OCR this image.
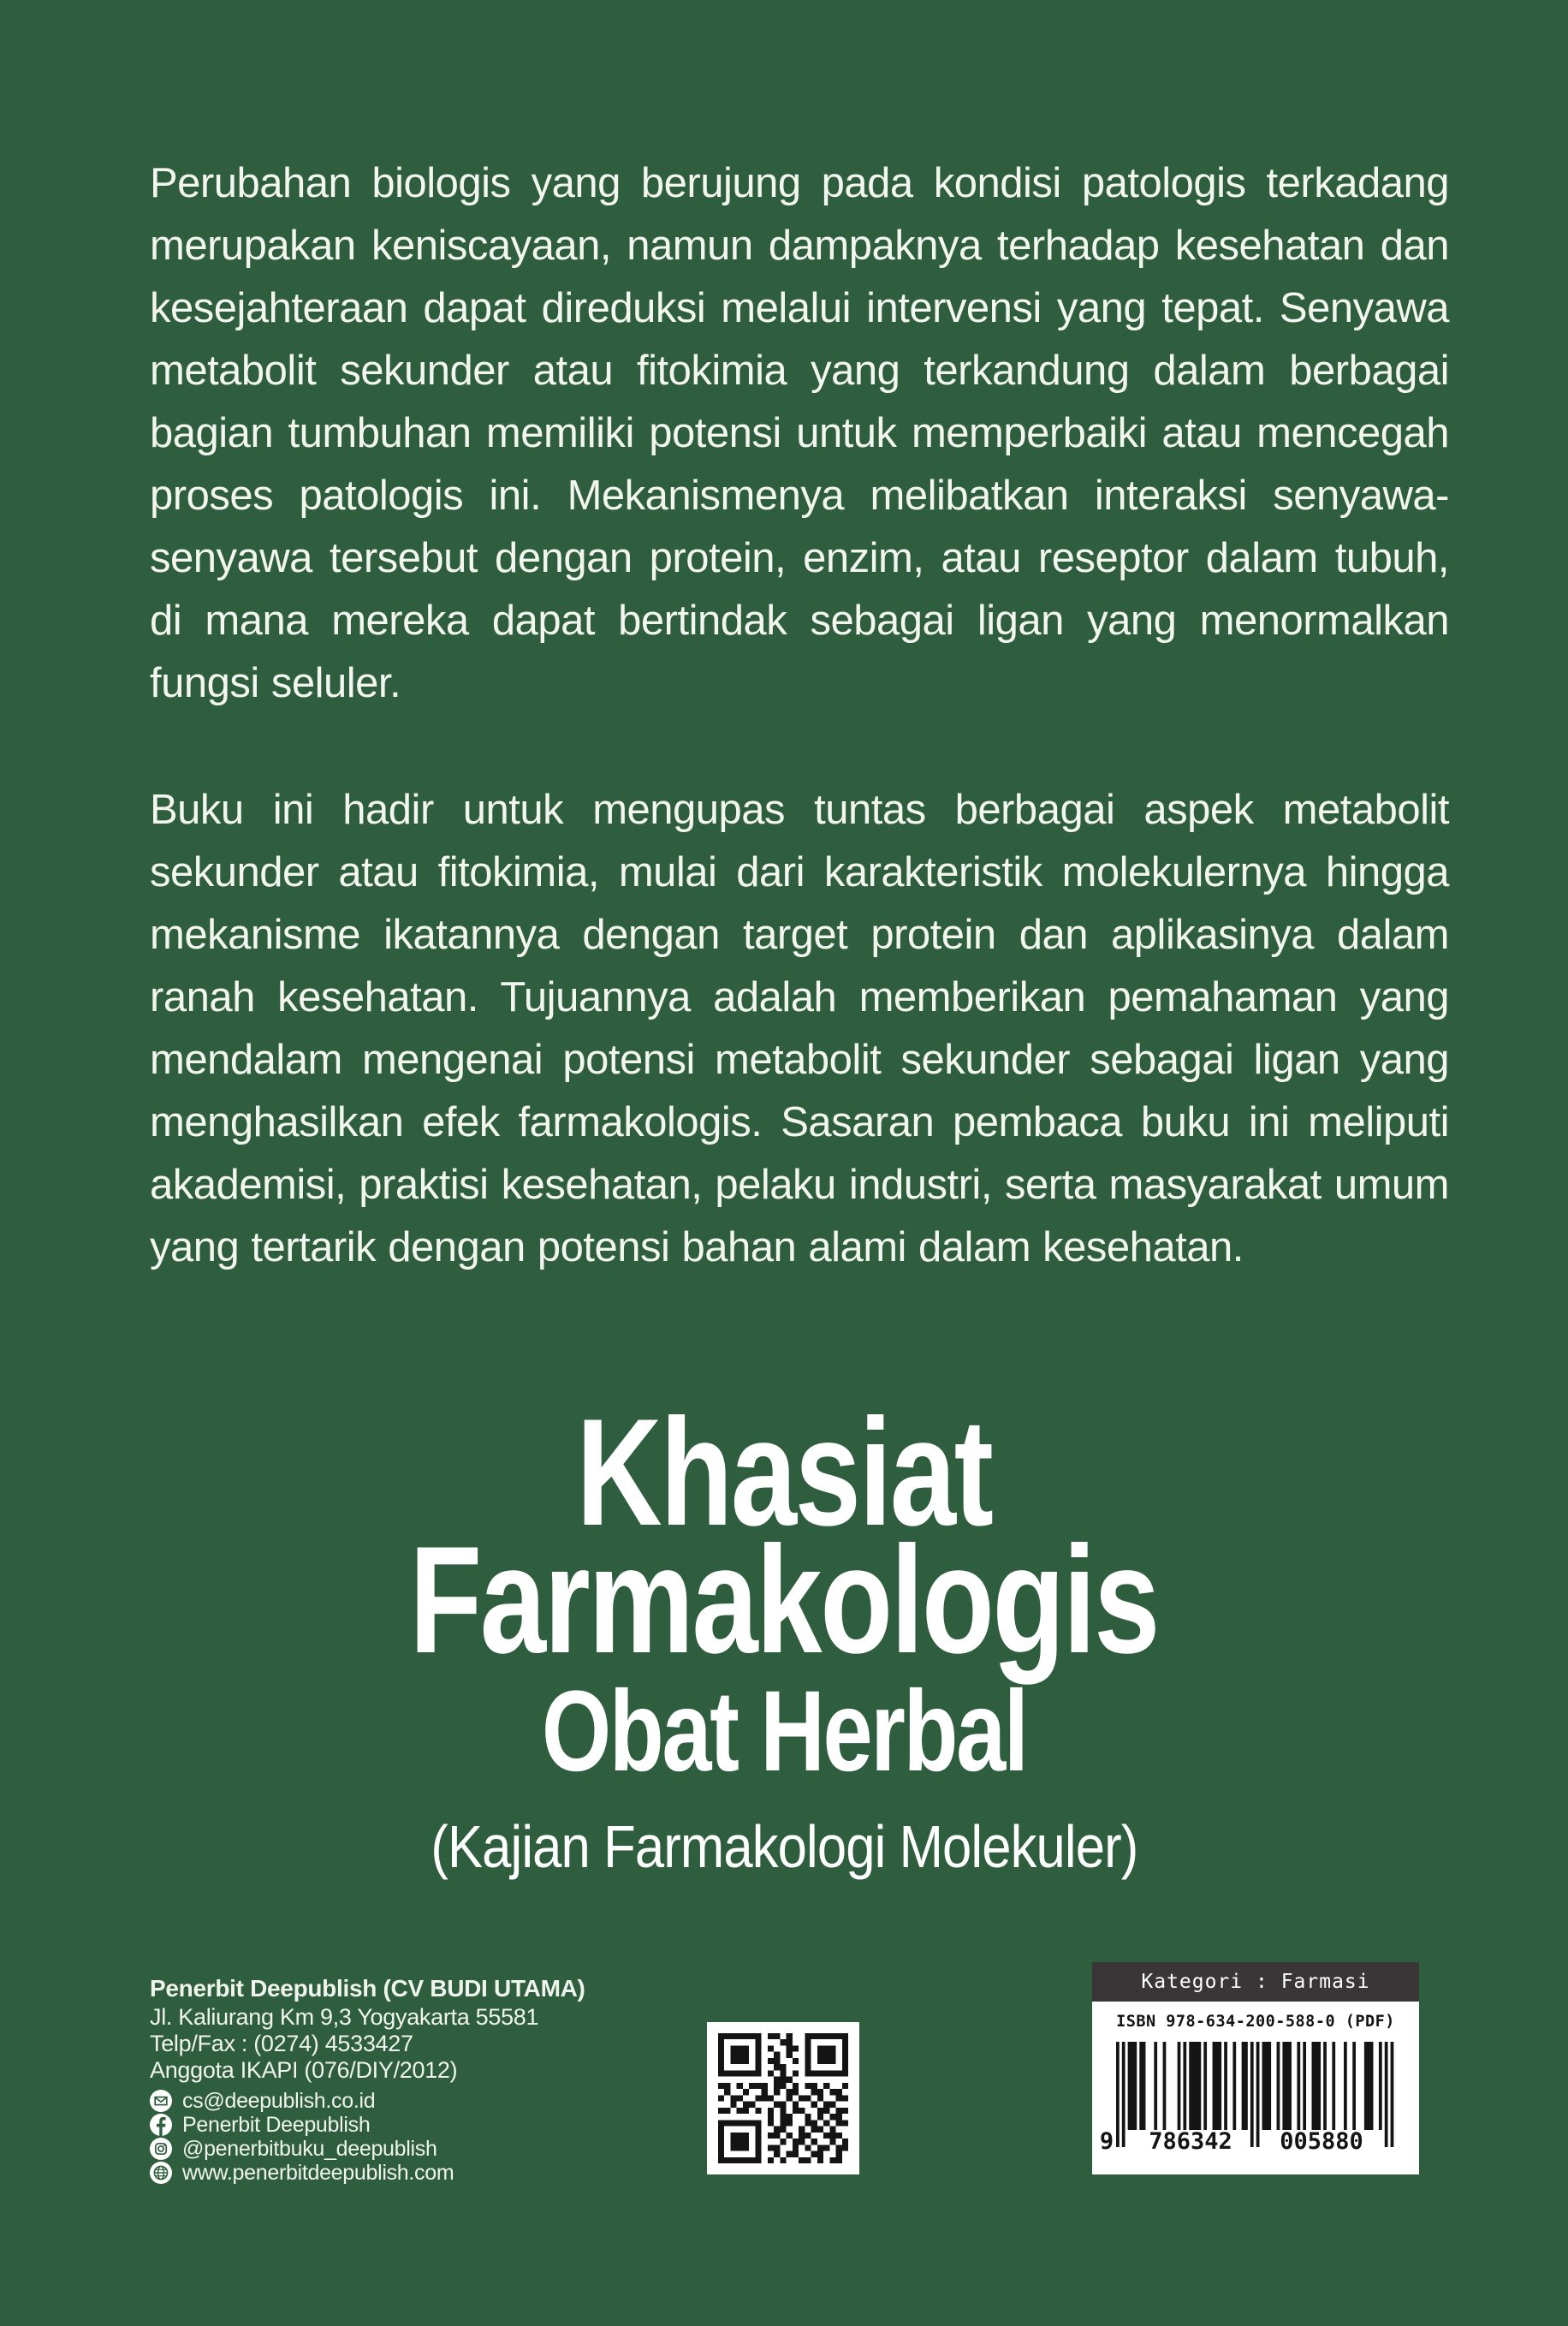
Perubahan biologis yang berujung pada kondisi patologis terkadang merupakan keniscayaan, namun dampaknya terhadap kesehatan dan kesejahteraan dapat direduksi melalui intervensi yang tepat. Senyawa metabolit sekunder atau fitokimia yang terkandung dalam berbagai bagian tumbuhan memiliki potensi untuk memperbaiki atau mencegah proses patologis ini. Mekanismenya melibatkan interaksi senyawa-senyawa tersebut dengan protein, enzim, atau reseptor dalam tubuh, di mana mereka dapat bertindak sebagai ligan yang menormalkan fungsi seluler.

Buku ini hadir untuk mengupas tuntas berbagai aspek metabolit sekunder atau fitokimia, mulai dari karakteristik molekulernya hingga mekanisme ikatannya dengan target protein dan aplikasinya dalam ranah kesehatan. Tujuannya adalah memberikan pemahaman yang mendalam mengenai potensi metabolit sekunder sebagai ligan yang menghasilkan efek farmakologis. Sasaran pembaca buku ini meliputi akademisi, praktisi kesehatan, pelaku industri, serta masyarakat umum yang tertarik dengan potensi bahan alami dalam kesehatan.

Khasiat
Farmakologis
Obat Herbal
(Kajian Farmakologi Molekuler)

Penerbit Deepublish (CV BUDI UTAMA)

Jl. Kaliurang Km 9,3 Yogyakarta 55581
Telp/Fax : (0274) 4533427
Anggota IKAPI (076/DIY/2012)
cs@deepublish.co.id
Penerbit Deepublish
@penerbitbuku_deepublish
www.penerbitdeepublish.com
Kategori : Farmasi
ISBN 978-634-200-588-0 (PDF)
9	786342	005880
